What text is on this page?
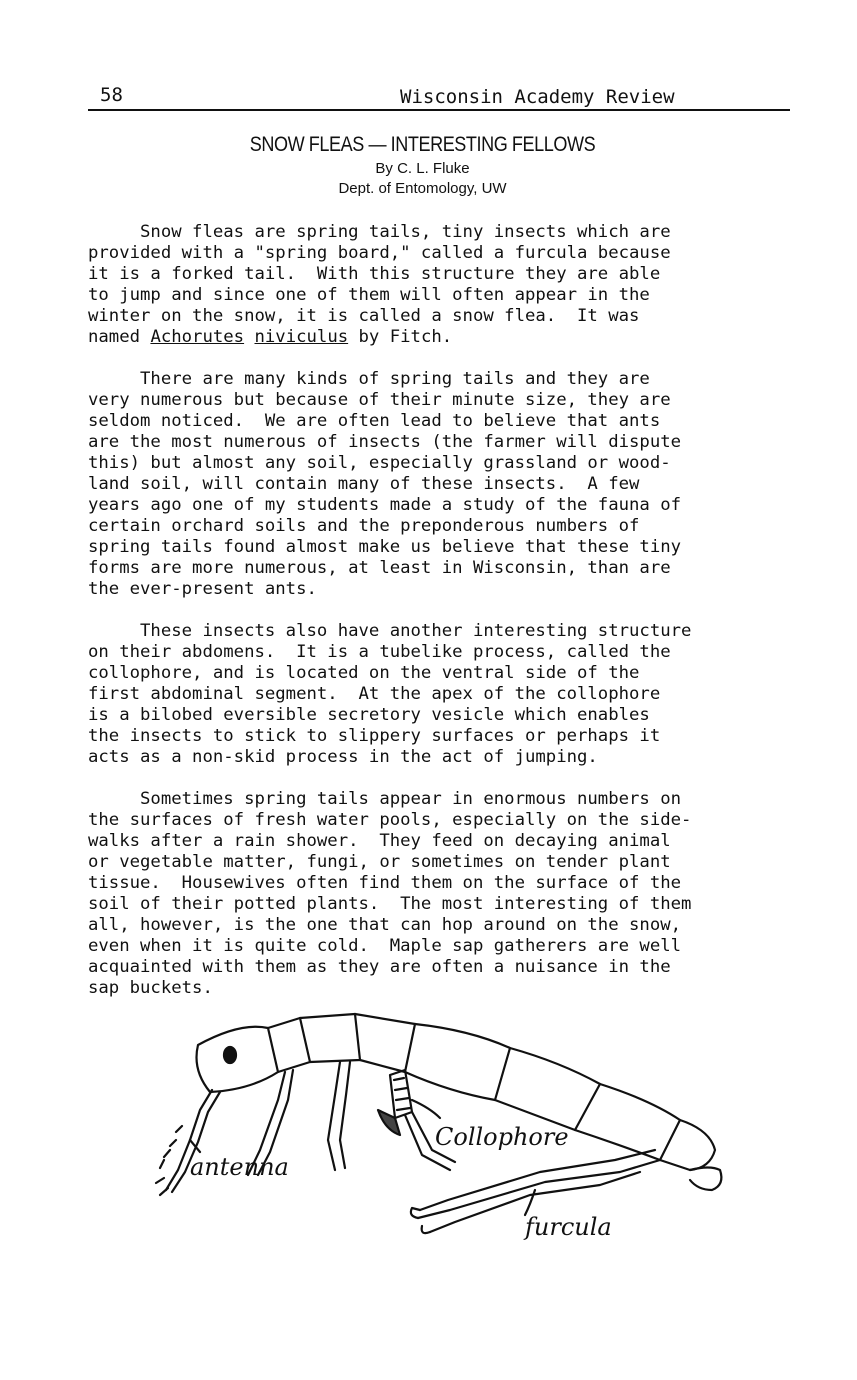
58	Wisconsin Academy Review
SNOW FLEAS — INTERESTING FELLOWS
By C. L. Fluke
Dept. of Entomology, UW
Snow fleas are spring tails, tiny insects which are
provided with a "spring board," called a furcula because
it is a forked tail.  With this structure they are able
to jump and since one of them will often appear in the
winter on the snow, it is called a snow flea.  It was
named Achorutes niviculus by Fitch.
There are many kinds of spring tails and they are
very numerous but because of their minute size, they are
seldom noticed.  We are often lead to believe that ants
are the most numerous of insects (the farmer will dispute
this) but almost any soil, especially grassland or wood-
land soil, will contain many of these insects.  A few
years ago one of my students made a study of the fauna of
certain orchard soils and the preponderous numbers of
spring tails found almost make us believe that these tiny
forms are more numerous, at least in Wisconsin, than are
the ever-present ants.
These insects also have another interesting structure
on their abdomens.  It is a tubelike process, called the
collophore, and is located on the ventral side of the
first abdominal segment.  At the apex of the collophore
is a bilobed eversible secretory vesicle which enables
the insects to stick to slippery surfaces or perhaps it
acts as a non-skid process in the act of jumping.
Sometimes spring tails appear in enormous numbers on
the surfaces of fresh water pools, especially on the side-
walks after a rain shower.  They feed on decaying animal
or vegetable matter, fungi, or sometimes on tender plant
tissue.  Housewives often find them on the surface of the
soil of their potted plants.  The most interesting of them
all, however, is the one that can hop around on the snow,
even when it is quite cold.  Maple sap gatherers are well
acquainted with them as they are often a nuisance in the
sap buckets.
antenna
Collophore
furcula
